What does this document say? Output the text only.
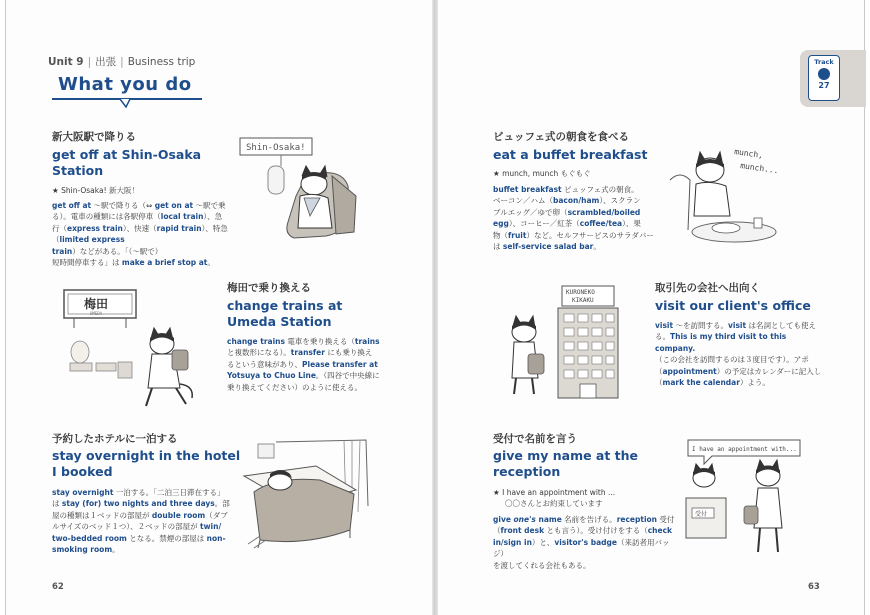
Unit 9 | 出張 | Business trip
What you do
新大阪駅で降りる
get off at Shin-Osaka
Station
★ Shin-Osaka! 新大阪！
get off at ～駅で降りる（⇔ get on at ～駅で乗
る）。電車の種類には各駅停車（local train）、急
行（express train）、快速（rapid train）、特急
（limited express train）などがある。「（～駅で）
短時間停車する」は make a brief stop at。
Shin-Osaka!
梅田で乗り換える
change trains at
Umeda Station
change trains 電車を乗り換える（trains
と複数形になる）。transfer にも乗り換え
るという意味があり、Please transfer at
Yotsuya to Chuo Line。（四谷で中央線に
乗り換えてください）のように使える。
梅田
UMEDA
予約したホテルに一泊する
stay overnight in the hotel
I booked
stay overnight 一泊する。「二泊三日滞在する」
は stay (for) two nights and three days。部
屋の種類は１ベッドの部屋が double room（ダブ
ルサイズのベッド１つ）、２ベッドの部屋が twin/
two-bedded room となる。禁煙の部屋は non-
smoking room。
62
Track
27
ビュッフェ式の朝食を食べる
eat a buffet breakfast
★ munch, munch もぐもぐ
buffet breakfast ビュッフェ式の朝食。
ベーコン／ハム（bacon/ham）、スクラン
ブルエッグ／ゆで卵（scrambled/boiled
egg）、コーヒー／紅茶（coffee/tea）、果
物（fruit）など。セルフサービスのサラダバー
は self-service salad bar。
munch,
munch...
取引先の会社へ出向く
visit our client's office
visit ～を訪問する。visit は名詞としても使え
る。This is my third visit to this company.
（この会社を訪問するのは３度目です）。アポ
（appointment）の予定はカレンダーに記入し
（mark the calendar）よう。
KURONEKO
KIKAKU
受付で名前を言う
give my name at the
reception
★ I have an appointment with ...
〇〇さんとお約束しています
give one's name 名前を告げる。reception 受付
（front desk とも言う）。受け付けをする（check
in/sign in）と、visitor's badge（来訪者用バッジ）
を渡してくれる会社もある。
I have an appointment with...
受付
63
